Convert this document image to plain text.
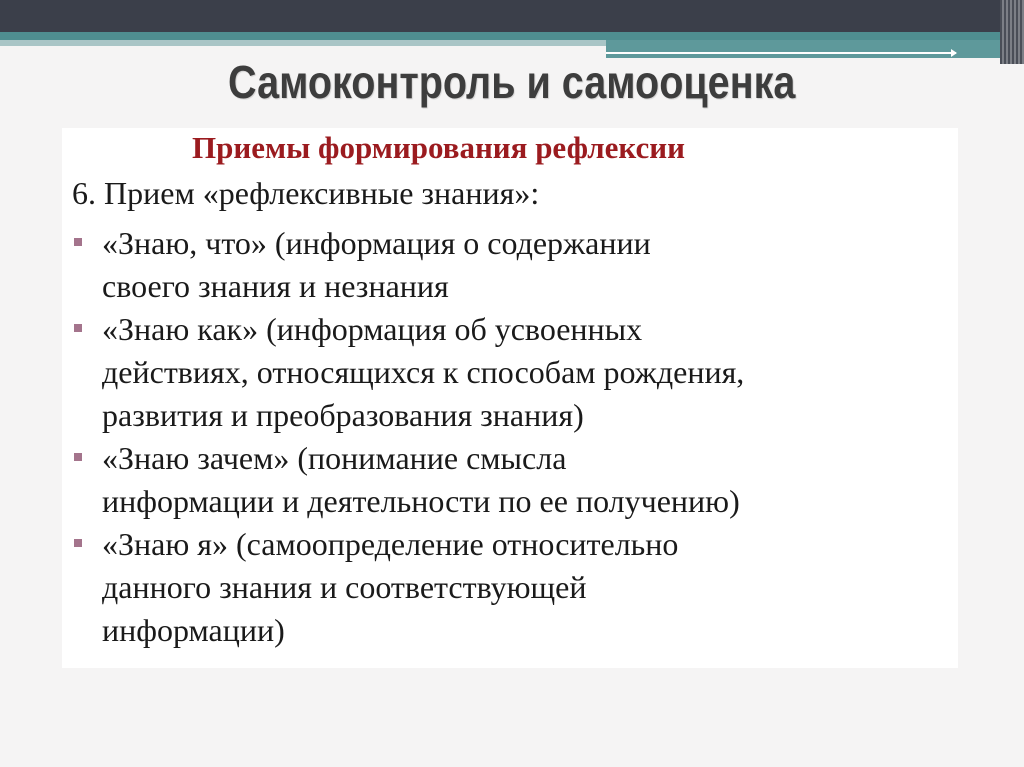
Самоконтроль и самооценка
Приемы формирования рефлексии
6. Прием «рефлексивные знания»:
«Знаю, что» (информация о содержании
своего знания и незнания
«Знаю как» (информация об усвоенных
действиях, относящихся к способам рождения,
развития и преобразования знания)
«Знаю зачем» (понимание смысла
информации и деятельности по ее получению)
«Знаю я» (самоопределение относительно
данного знания и соответствующей
информации)
